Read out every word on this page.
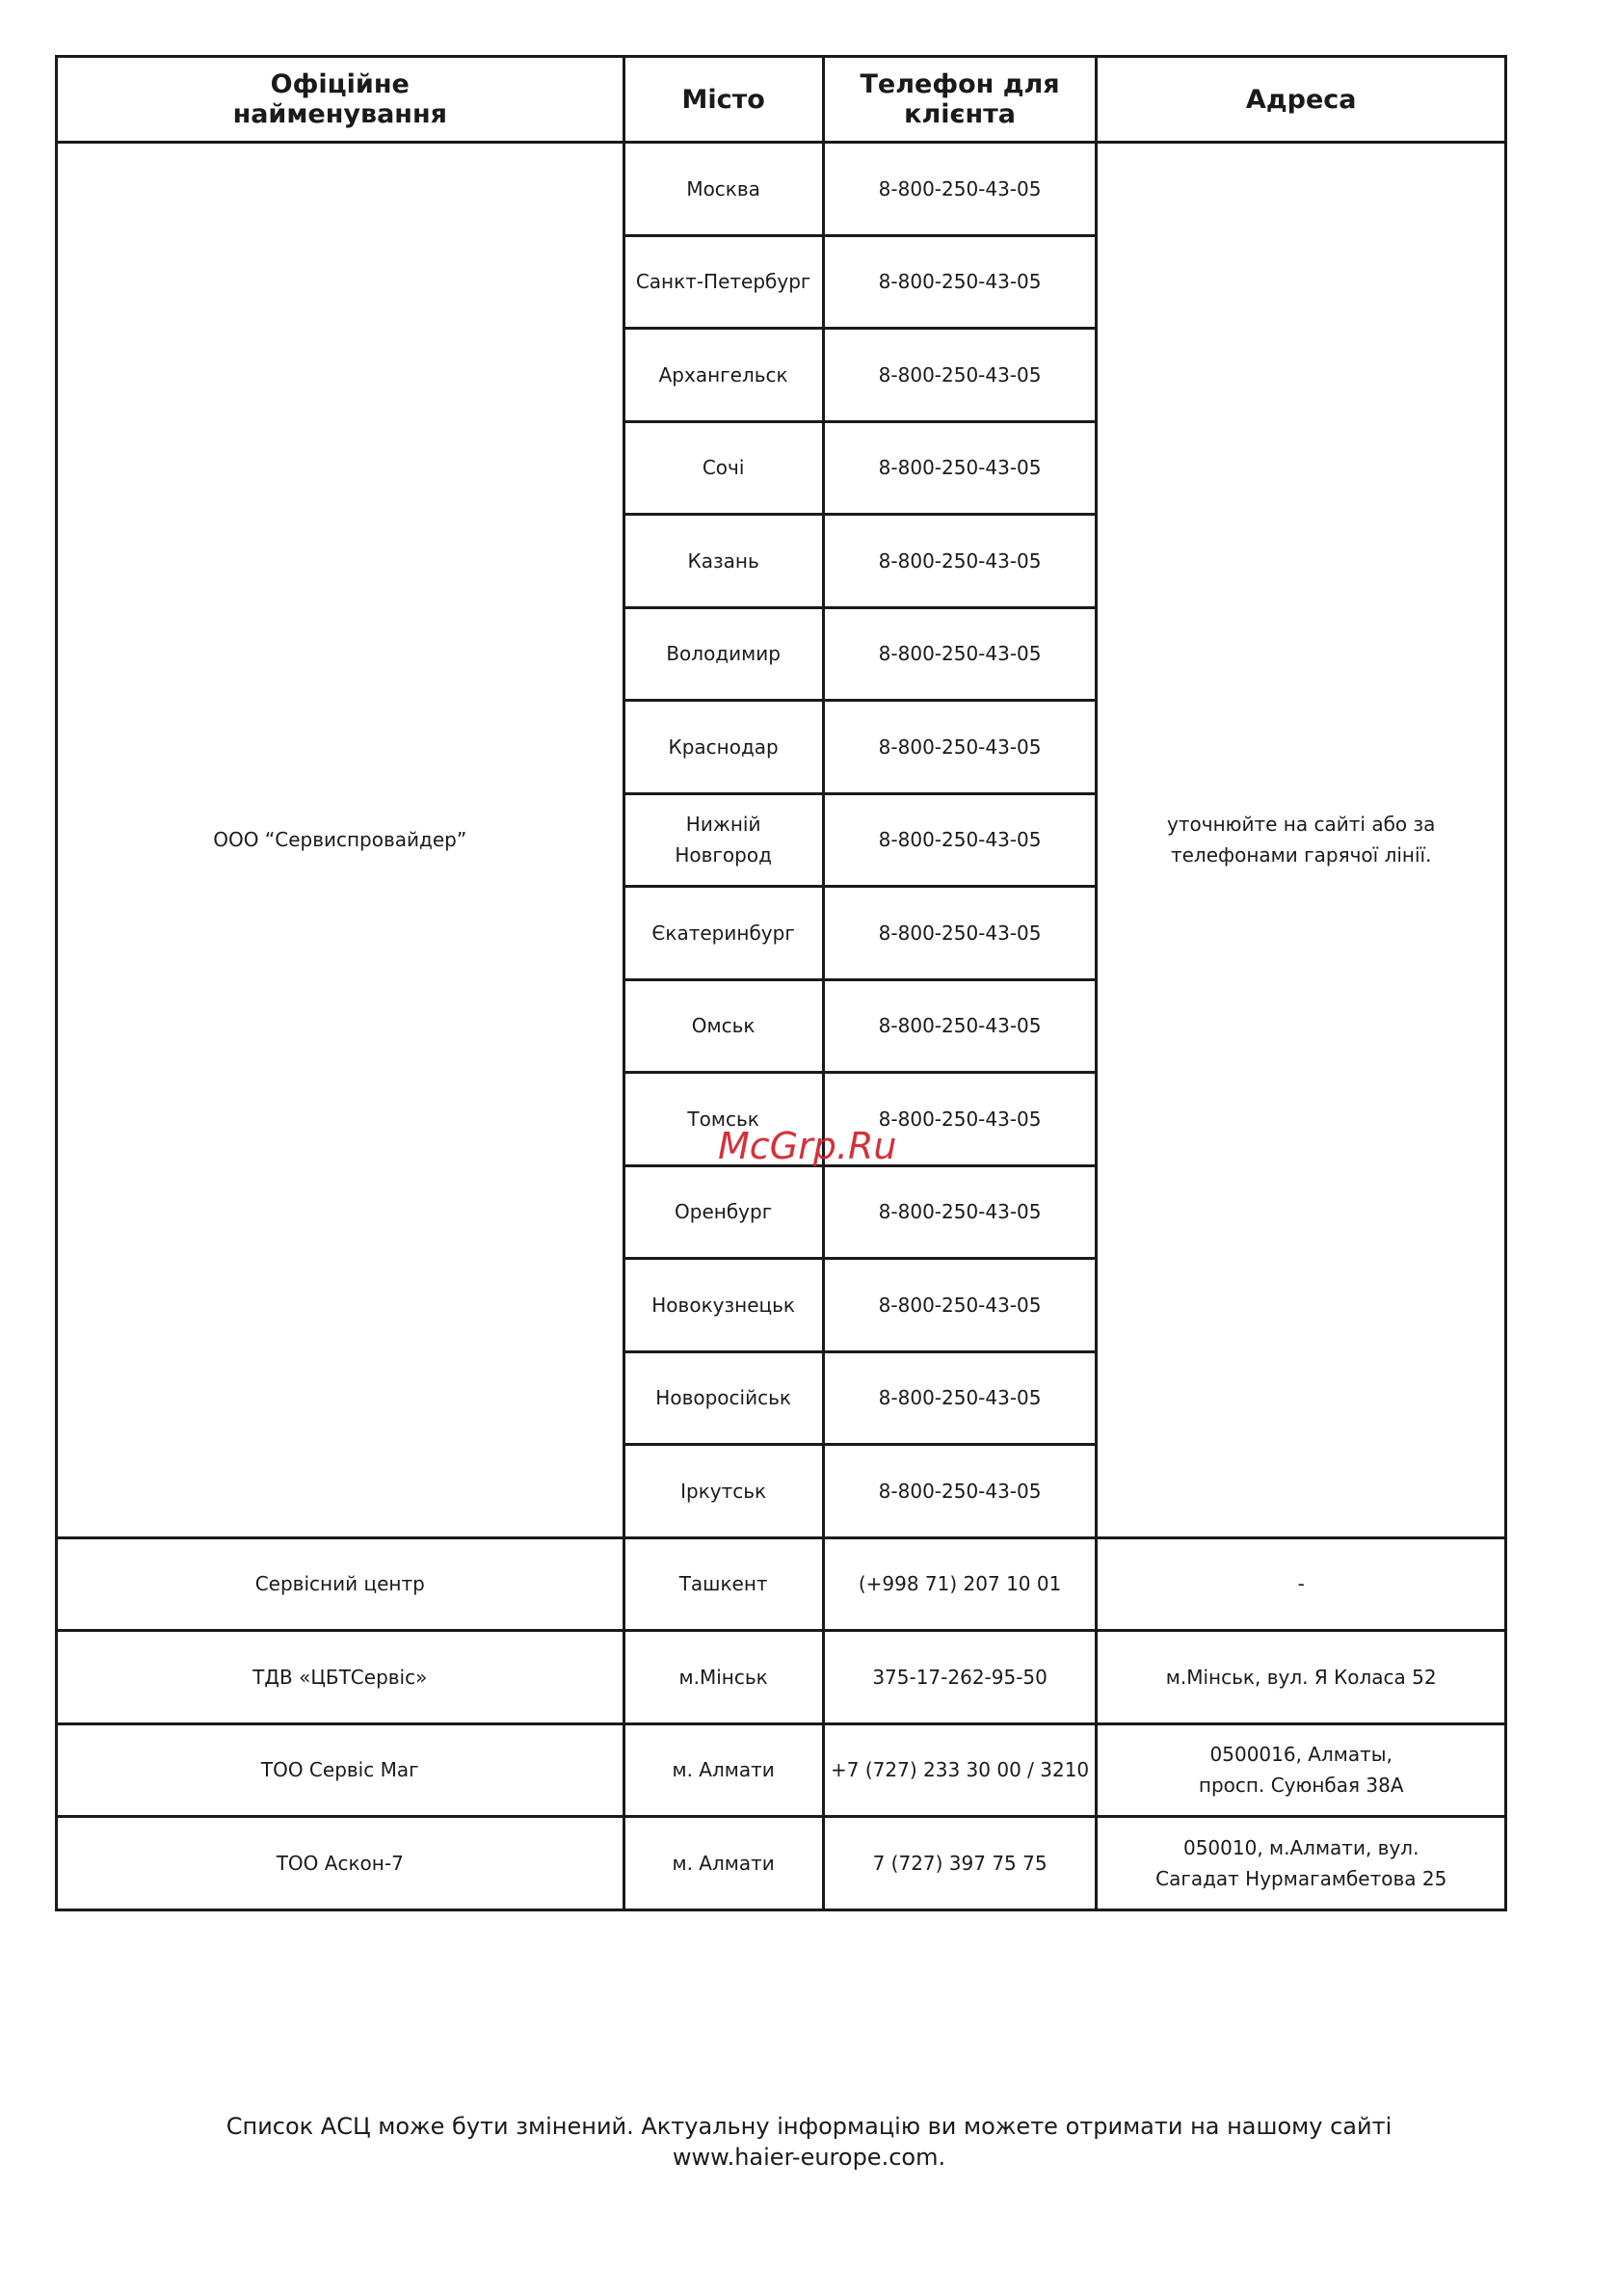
Офіційне
найменування	Місто	Телефон для
клієнта	Адреса
ООО “Сервиспровайдер”	Москва	8-800-250-43-05	уточнюйте на сайті або за
телефонами гарячої лінії.
	Санкт-Петербург	8-800-250-43-05	
	Архангельск	8-800-250-43-05	
	Сочі	8-800-250-43-05	
	Казань	8-800-250-43-05	
	Володимир	8-800-250-43-05	
	Краснодар	8-800-250-43-05	
	Нижній
Новгород	8-800-250-43-05	
	Єкатеринбург	8-800-250-43-05	
	Омськ	8-800-250-43-05	
	Томськ	8-800-250-43-05	
	Оренбург	8-800-250-43-05	
	Новокузнецьк	8-800-250-43-05	
	Новоросійськ	8-800-250-43-05	
	Іркутськ	8-800-250-43-05	
Сервісний центр	Ташкент	(+998 71) 207 10 01	-
ТДВ «ЦБТСервіс»	м.Мінськ	375-17-262-95-50	м.Мінськ, вул. Я Коласа 52
ТОО Сервіс Маг	м. Алмати	+7 (727) 233 30 00 / 3210	0500016, Алматы,
просп. Суюнбая 38А
ТОО Аскон-7	м. Алмати	7 (727) 397 75 75	050010, м.Алмати, вул.
Сагадат Нурмагамбетова 25
McGrp.Ru
Список АСЦ може бути змінений. Актуальну інформацію ви можете отримати на нашому сайті
www.haier-europe.com.
